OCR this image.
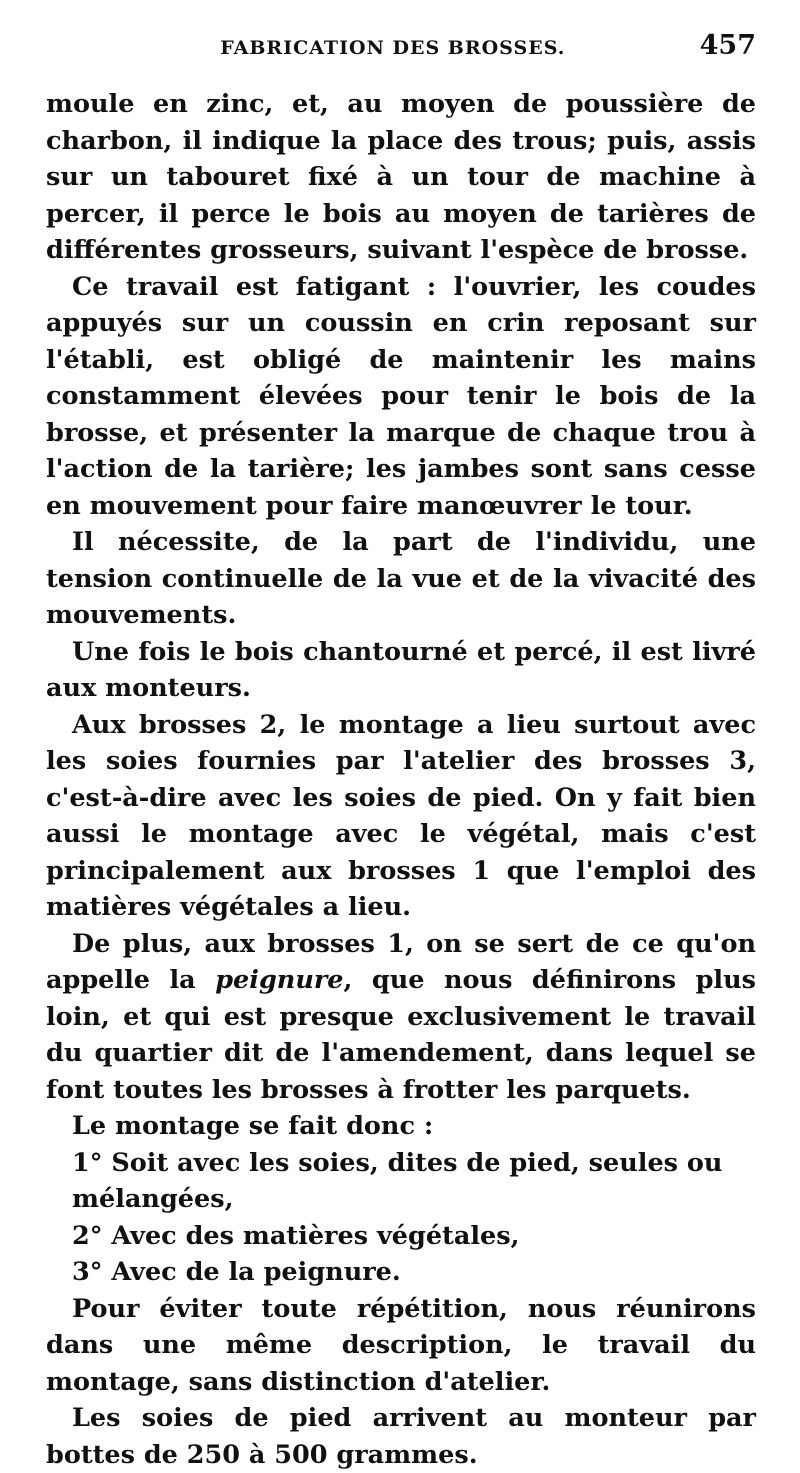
FABRICATION DES BROSSES.	457

moule en zinc, et, au moyen de poussière de charbon, il indique la place des trous; puis, assis sur un tabouret fixé à un tour de machine à percer, il perce le bois au moyen de tarières de différentes grosseurs, suivant l'espèce de brosse.

Ce travail est fatigant : l'ouvrier, les coudes appuyés sur un coussin en crin reposant sur l'établi, est obligé de maintenir les mains constamment élevées pour tenir le bois de la brosse, et présenter la marque de chaque trou à l'action de la tarière; les jambes sont sans cesse en mouvement pour faire manœuvrer le tour.

Il nécessite, de la part de l'individu, une tension continuelle de la vue et de la vivacité des mouvements.

Une fois le bois chantourné et percé, il est livré aux monteurs.

Aux brosses 2, le montage a lieu surtout avec les soies fournies par l'atelier des brosses 3, c'est-à-dire avec les soies de pied. On y fait bien aussi le montage avec le végétal, mais c'est principalement aux brosses 1 que l'emploi des matières végétales a lieu.

De plus, aux brosses 1, on se sert de ce qu'on appelle la peignure, que nous définirons plus loin, et qui est presque exclusivement le travail du quartier dit de l'amendement, dans lequel se font toutes les brosses à frotter les parquets.

Le montage se fait donc :

1° Soit avec les soies, dites de pied, seules ou mélangées,

2° Avec des matières végétales,

3° Avec de la peignure.

Pour éviter toute répétition, nous réunirons dans une même description, le travail du montage, sans distinction d'atelier.

Les soies de pied arrivent au monteur par bottes de 250 à 500 grammes.
